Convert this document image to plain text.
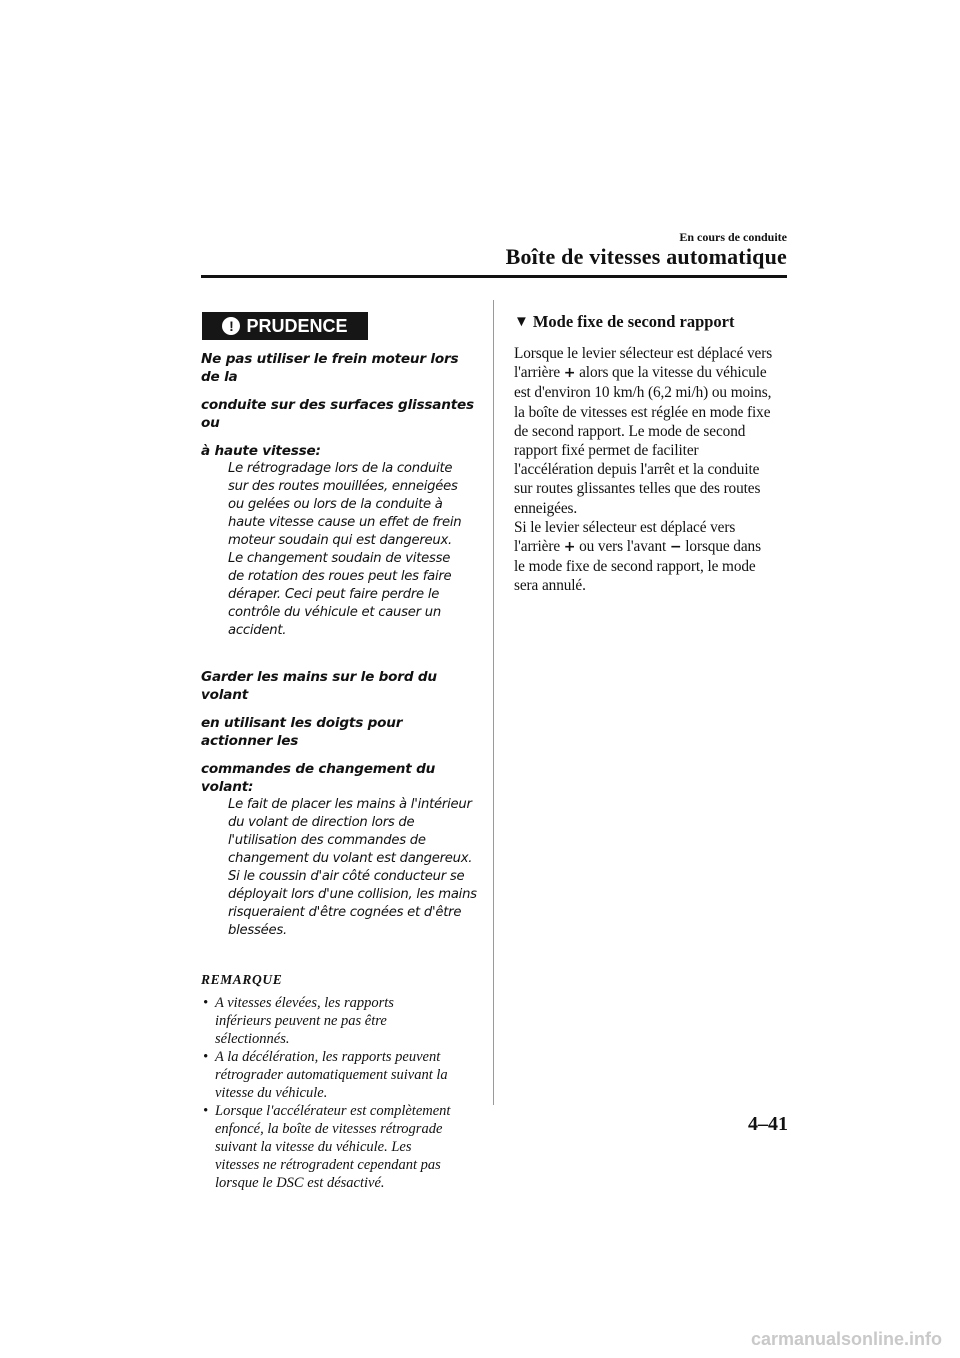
En cours de conduite
Boîte de vitesses automatique
! PRUDENCE
Ne pas utiliser le frein moteur lors de la
conduite sur des surfaces glissantes ou
à haute vitesse:
Le rétrogradage lors de la conduite
sur des routes mouillées, enneigées
ou gelées ou lors de la conduite à
haute vitesse cause un effet de frein
moteur soudain qui est dangereux.
Le changement soudain de vitesse
de rotation des roues peut les faire
déraper. Ceci peut faire perdre le
contrôle du véhicule et causer un
accident.
Garder les mains sur le bord du volant
en utilisant les doigts pour actionner les
commandes de changement du volant:
Le fait de placer les mains à l'intérieur
du volant de direction lors de
l'utilisation des commandes de
changement du volant est dangereux.
Si le coussin d'air côté conducteur se
déployait lors d'une collision, les mains
risqueraient d'être cognées et d'être
blessées.
REMARQUE
• A vitesses élevées, les rapports
inférieurs peuvent ne pas être
sélectionnés.
• A la décélération, les rapports peuvent
rétrograder automatiquement suivant la
vitesse du véhicule.
• Lorsque l'accélérateur est complètement
enfoncé, la boîte de vitesses rétrograde
suivant la vitesse du véhicule. Les
vitesses ne rétrogradent cependant pas
lorsque le DSC est désactivé.
▼ Mode fixe de second rapport
Lorsque le levier sélecteur est déplacé vers
l'arrière + alors que la vitesse du véhicule
est d'environ 10 km/h (6,2 mi/h) ou moins,
la boîte de vitesses est réglée en mode fixe
de second rapport. Le mode de second
rapport fixé permet de faciliter
l'accélération depuis l'arrêt et la conduite
sur routes glissantes telles que des routes
enneigées.
Si le levier sélecteur est déplacé vers
l'arrière + ou vers l'avant − lorsque dans
le mode fixe de second rapport, le mode
sera annulé.
4–41
carmanualsonline.info
